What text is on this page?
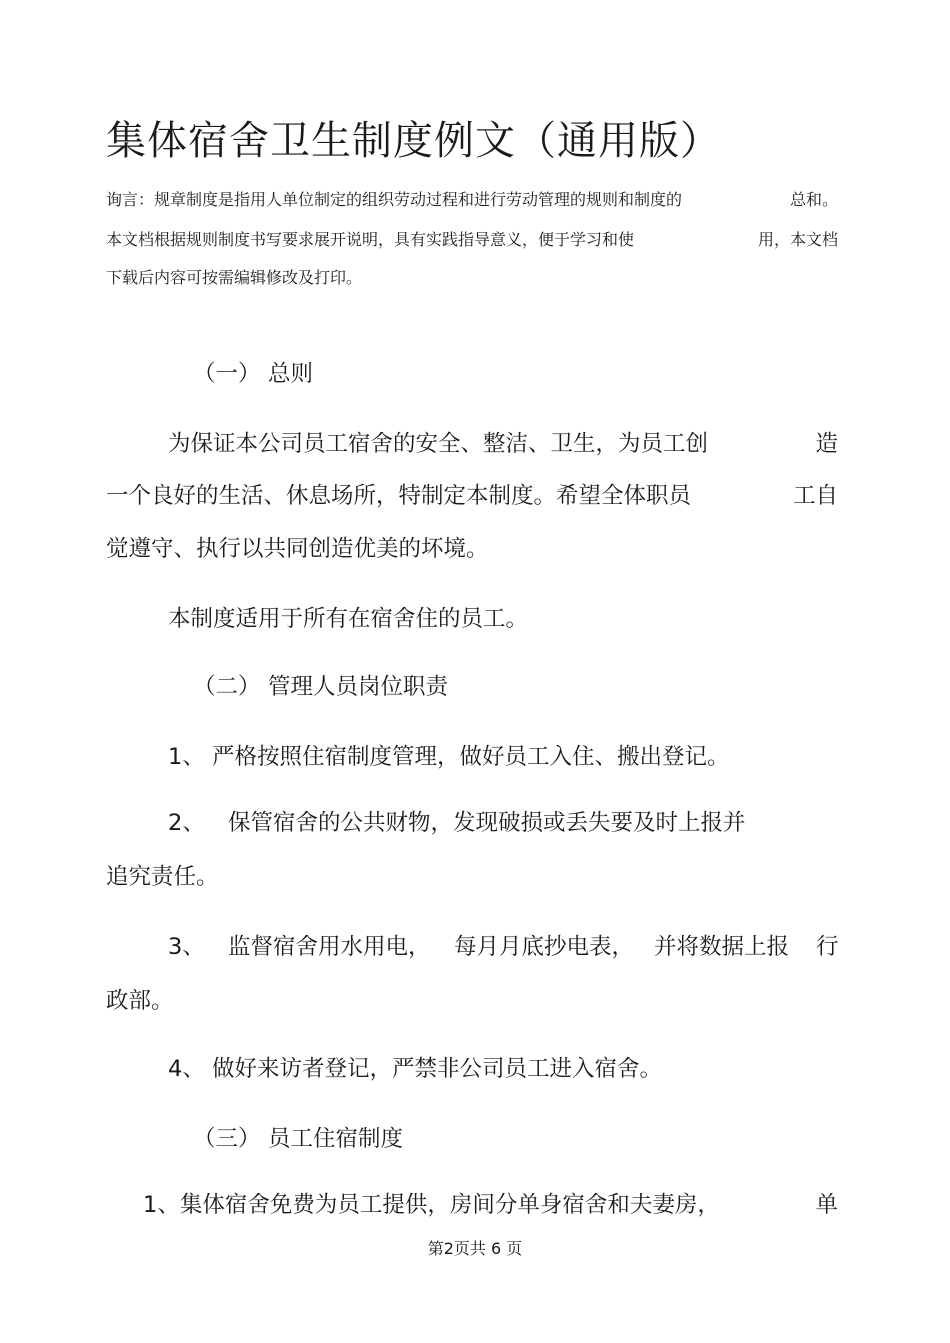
集体宿舍卫生制度例文（通用版）
询言：规章制度是指用人单位制定的组织劳动过程和进行劳动管理的规则和制度的	总和。
本文档根据规则制度书写要求展开说明，具有实践指导意义，便于学习和使	用，本文档
下载后内容可按需编辑修改及打印。
（一） 总则
为保证本公司员工宿舍的安全、整洁、卫生，为员工创	造
一个良好的生活、休息场所，特制定本制度。希望全体职员	工自
觉遵守、执行以共同创造优美的坏境。
本制度适用于所有在宿舍住的员工。
（二） 管理人员岗位职责
1、 严格按照住宿制度管理，做好员工入住、搬出登记。
2、 保管宿舍的公共财物，发现破损或丢失要及时上报并
追究责任。
3、 监督宿舍用水用电， 每月月底抄电表， 并将数据上报 行
政部。
4、 做好来访者登记，严禁非公司员工进入宿舍。
（三） 员工住宿制度
1、集体宿舍免费为员工提供，房间分单身宿舍和夫妻房，	单
第2页共 6 页
